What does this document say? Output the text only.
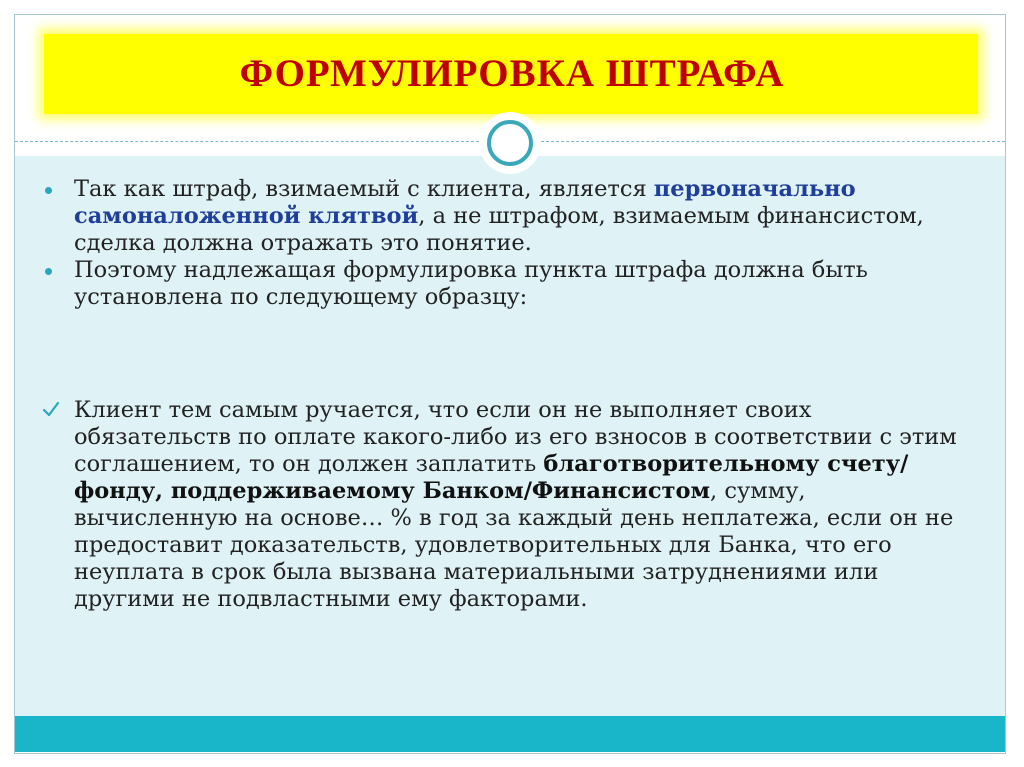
ФОРМУЛИРОВКА ШТРАФА
Так как штраф, взимаемый с клиента, является первоначально самоналоженной клятвой, а не штрафом, взимаемым финансистом, сделка должна отражать это понятие.
Поэтому надлежащая формулировка пункта штрафа должна быть установлена по следующему образцу:
Клиент тем самым ручается, что если он не выполняет своих обязательств по оплате какого-либо из его взносов в соответствии с этим соглашением, то он должен заплатить благотворительному счету/фонду, поддерживаемому Банком/Финансистом, сумму, вычисленную на основе… % в год за каждый день неплатежа, если он не предоставит доказательств, удовлетворительных для Банка, что его неуплата в срок была вызвана материальными затруднениями или другими не подвластными ему факторами.
